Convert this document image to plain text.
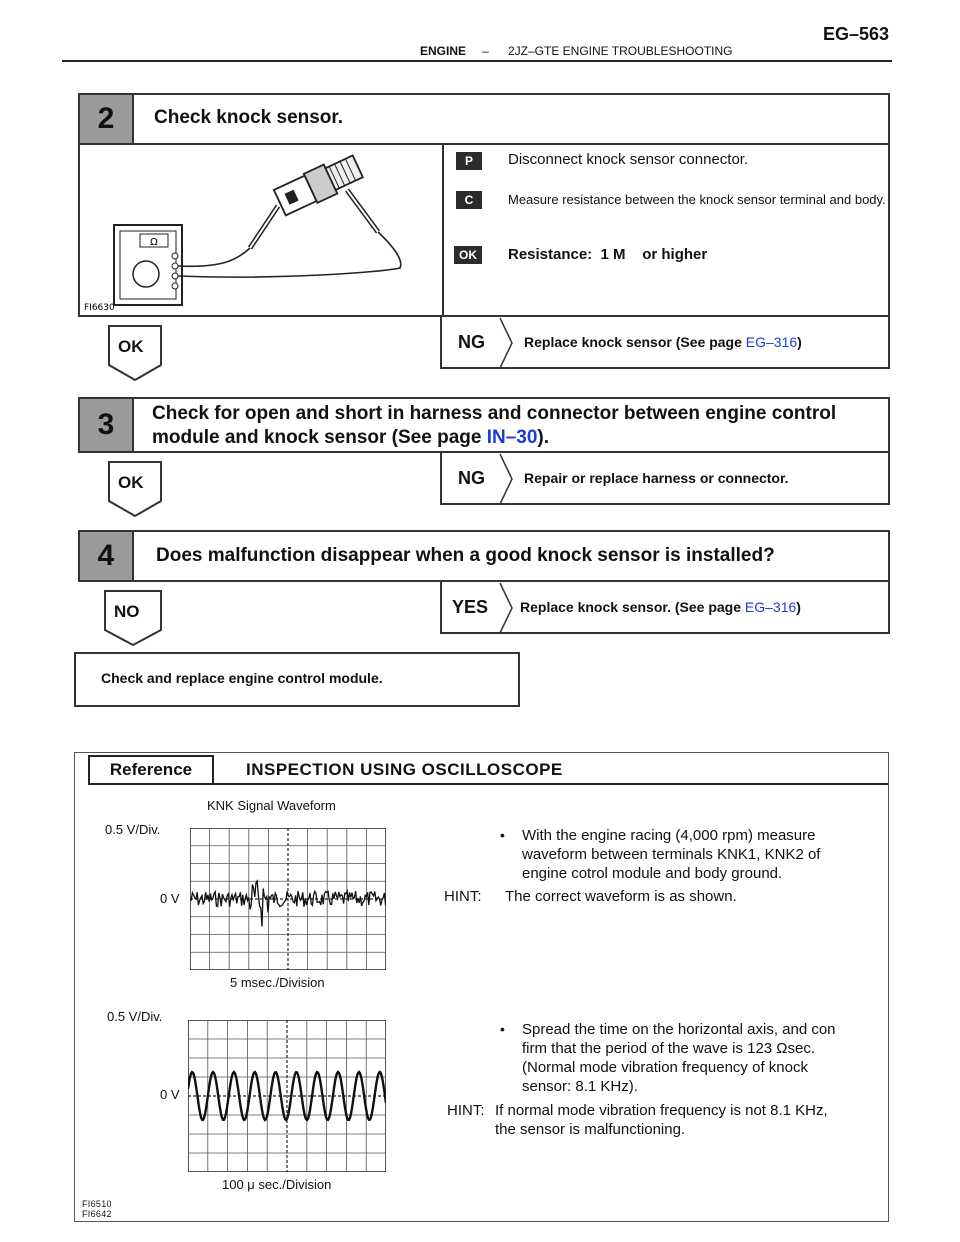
EG–563
ENGINE – 2JZ–GTE ENGINE TROUBLESHOOTING
2	Check knock sensor.
Ω
FI6630
P	Disconnect knock sensor connector.
C	Measure resistance between the knock sensor terminal and body.
OK	Resistance:  1 M    or higher
OK	NG	Replace knock sensor (See page EG–316)
3	Check for open and short in harness and connector between engine control
module and knock sensor (See page IN–30).
OK	NG	Repair or replace harness or connector.
4	Does malfunction disappear when a good knock sensor is installed?
NO	YES Replace knock sensor. (See page EG–316)
Check and replace engine control module.
Reference	INSPECTION USING OSCILLOSCOPE
KNK Signal Waveform
0.5 V/Div.
0 V
5 msec./Division
0.5 V/Div.
0 V
100 μ sec./Division
• With the engine racing (4,000 rpm) measure
waveform between terminals KNK1, KNK2 of
engine cotrol module and body ground.
HINT: The correct waveform is as shown.
• Spread the time on the horizontal axis, and con
firm that the period of the wave is 123 Ωsec.
(Normal mode vibration frequency of knock
sensor: 8.1 KHz).
HINT: If normal mode vibration frequency is not 8.1 KHz,
the sensor is malfunctioning.
FI6510
FI6642
